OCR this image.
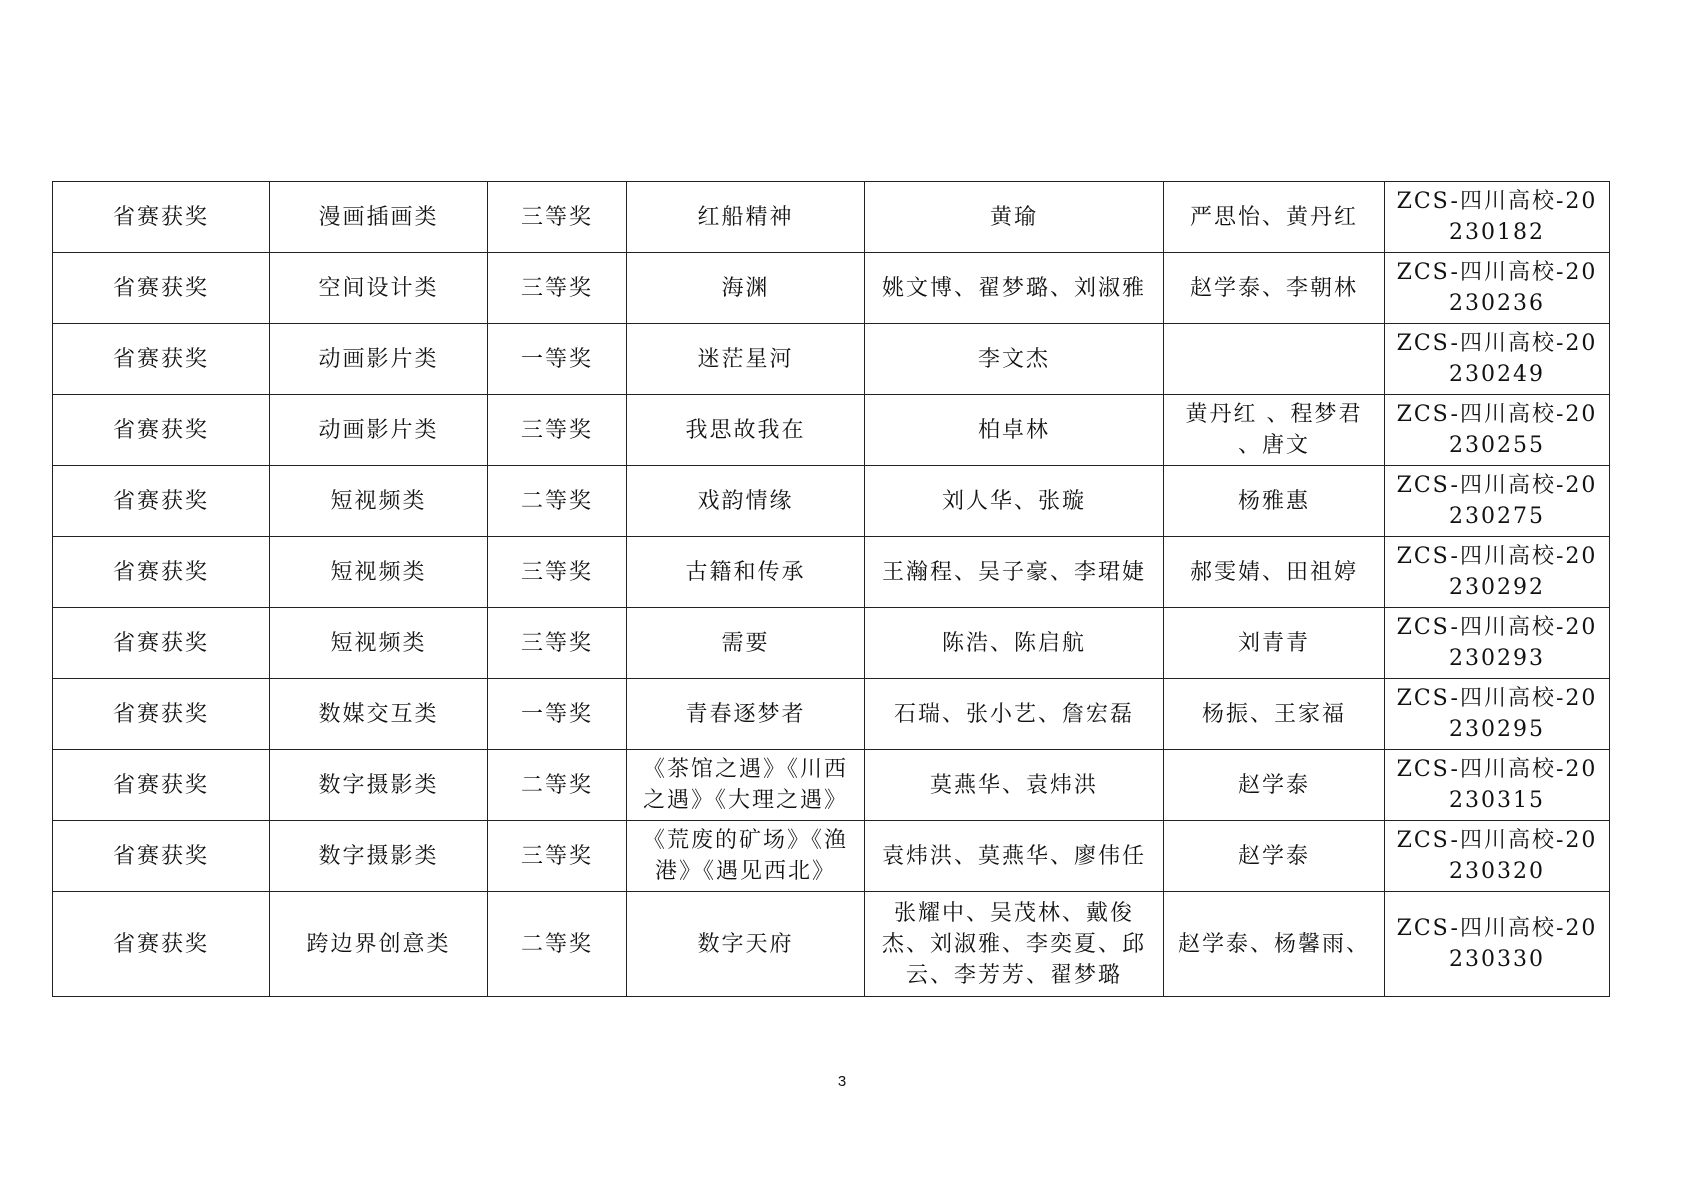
省赛获奖	漫画插画类	三等奖	红船精神	黄瑜	严思怡、黄丹红	ZCS-四川高校-20230182
省赛获奖	空间设计类	三等奖	海渊	姚文博、翟梦璐、刘淑雅	赵学泰、李朝林	ZCS-四川高校-20230236
省赛获奖	动画影片类	一等奖	迷茫星河	李文杰		ZCS-四川高校-20230249
省赛获奖	动画影片类	三等奖	我思故我在	柏卓林	黄丹红 、程梦君 、唐文	ZCS-四川高校-20230255
省赛获奖	短视频类	二等奖	戏韵情缘	刘人华、张璇	杨雅惠	ZCS-四川高校-20230275
省赛获奖	短视频类	三等奖	古籍和传承	王瀚程、吴子豪、李珺婕	郝雯婧、田祖婷	ZCS-四川高校-20230292
省赛获奖	短视频类	三等奖	需要	陈浩、陈启航	刘青青	ZCS-四川高校-20230293
省赛获奖	数媒交互类	一等奖	青春逐梦者	石瑞、张小艺、詹宏磊	杨振、王家福	ZCS-四川高校-20230295
省赛获奖	数字摄影类	二等奖	《茶馆之遇》《川西之遇》《大理之遇》	莫燕华、袁炜洪	赵学泰	ZCS-四川高校-20230315
省赛获奖	数字摄影类	三等奖	《荒废的矿场》《渔港》《遇见西北》	袁炜洪、莫燕华、廖伟任	赵学泰	ZCS-四川高校-20230320
省赛获奖	跨边界创意类	二等奖	数字天府	张耀中、吴茂林、戴俊杰、刘淑雅、李奕夏、邱云、李芳芳、翟梦璐	赵学泰、杨馨雨、	ZCS-四川高校-20230330
3
